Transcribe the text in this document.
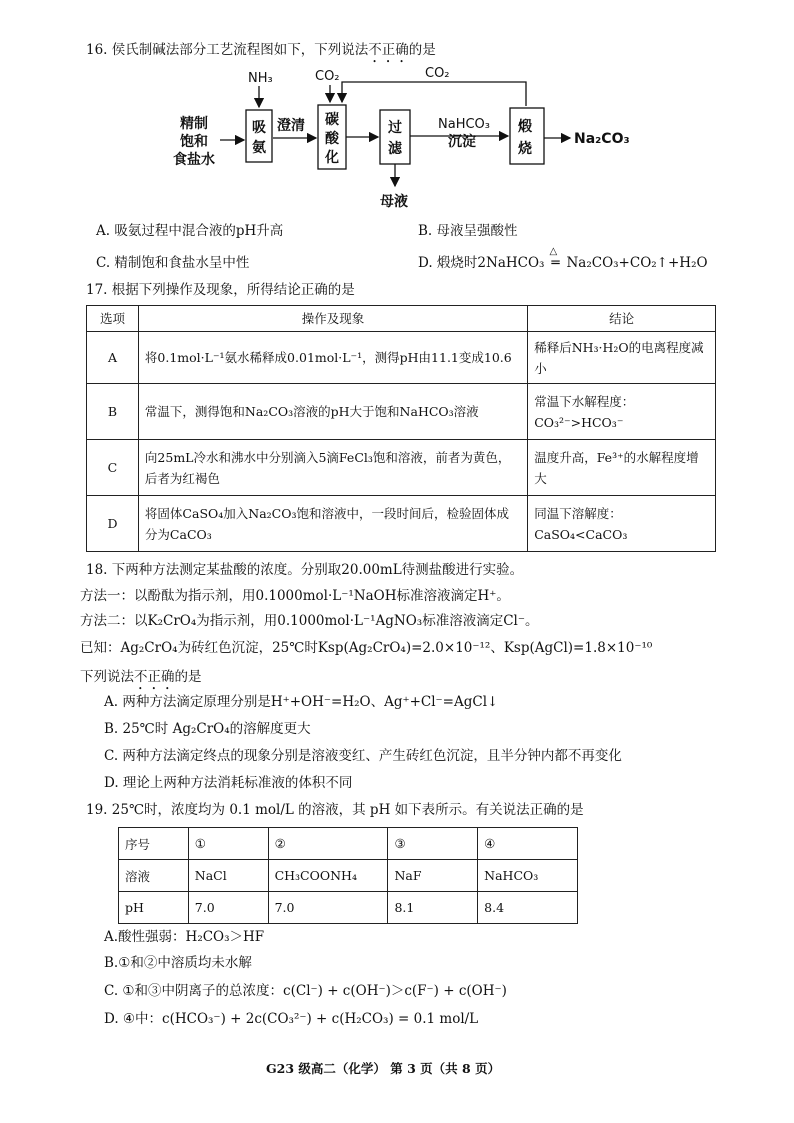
16. 侯氏制碱法部分工艺流程图如下，下列说法不正确的是
精制
饱和
食盐水
吸
氨
NH₃
澄清 碳
酸
化
CO₂	CO₂
过
滤
母液
NaHCO₃
沉淀
煅
烧
Na₂CO₃
A. 吸氨过程中混合液的pH升高	B. 母液呈强酸性
C. 精制饱和食盐水呈中性	D. 煅烧时2NaHCO₃
△
═ Na₂CO₃+CO₂↑+H₂O
17. 根据下列操作及现象，所得结论正确的是
选项	操作及现象	结论
A	将0.1mol·L⁻¹氨水稀释成0.01mol·L⁻¹，测得pH由11.1变成10.6	稀释后NH₃·H₂O的电离程度减小
B	常温下，测得饱和Na₂CO₃溶液的pH大于饱和NaHCO₃溶液	常温下水解程度：CO₃²⁻>HCO₃⁻
C	向25mL冷水和沸水中分别滴入5滴FeCl₃饱和溶液，前者为黄色，后者为红褐色	温度升高，Fe³⁺的水解程度增大
D	将固体CaSO₄加入Na₂CO₃饱和溶液中，一段时间后，检验固体成分为CaCO₃	同温下溶解度：CaSO₄<CaCO₃
18. 下两种方法测定某盐酸的浓度。分别取20.00mL待测盐酸进行实验。
方法一：以酚酞为指示剂，用0.1000mol·L⁻¹NaOH标准溶液滴定H⁺。
方法二：以K₂CrO₄为指示剂，用0.1000mol·L⁻¹AgNO₃标准溶液滴定Cl⁻。
已知：Ag₂CrO₄为砖红色沉淀，25℃时Ksp(Ag₂CrO₄)=2.0×10⁻¹²、Ksp(AgCl)=1.8×10⁻¹⁰
下列说法不正确的是
A. 两种方法滴定原理分别是H⁺+OH⁻=H₂O、Ag⁺+Cl⁻=AgCl↓
B. 25℃时 Ag₂CrO₄的溶解度更大
C. 两种方法滴定终点的现象分别是溶液变红、产生砖红色沉淀，且半分钟内都不再变化
D. 理论上两种方法消耗标准液的体积不同
19. 25℃时，浓度均为 0.1 mol/L 的溶液，其 pH 如下表所示。有关说法正确的是
序号	①	②	③	④
溶液	NaCl	CH₃COONH₄	NaF	NaHCO₃
pH	7.0	7.0	8.1	8.4
A.酸性强弱：H₂CO₃＞HF
B.①和②中溶质均未水解
C. ①和③中阴离子的总浓度：c(Cl⁻) + c(OH⁻)＞c(F⁻) + c(OH⁻)
D. ④中：c(HCO₃⁻) + 2c(CO₃²⁻) + c(H₂CO₃) = 0.1 mol/L
G23 级高二（化学） 第 3 页（共 8 页）
